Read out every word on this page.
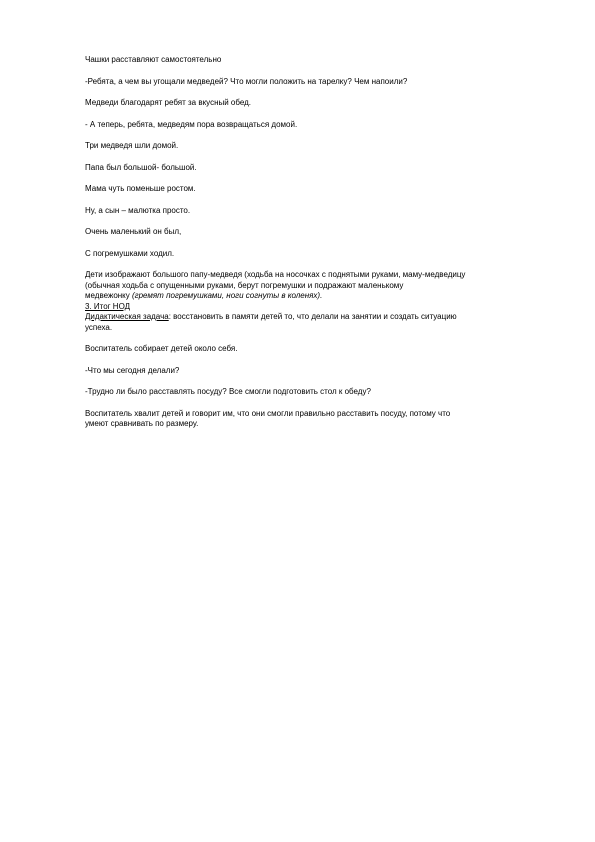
Чашки расставляют самостоятельно

-Ребята, а чем вы угощали медведей? Что могли положить на тарелку? Чем напоили?

Медведи благодарят ребят за вкусный обед.

- А теперь, ребята, медведям пора возвращаться домой.

Три медведя шли домой.

Папа был большой- большой.

Мама чуть поменьше ростом.

Ну, а сын – малютка просто.

Очень маленький он был,

С погремушками ходил.

Дети изображают большого папу-медведя (ходьба на носочках с поднятыми руками, маму-медведицу
(обычная ходьба с опущенными руками, берут погремушки и подражают маленькому
медвежонку (гремят погремушками, ноги согнуты в коленях).
3. Итог НОД
Дидактическая задача: восстановить в памяти детей то, что делали на занятии и создать ситуацию
успеха.

Воспитатель собирает детей около себя.

-Что мы сегодня делали?

-Трудно ли было расставлять посуду? Все смогли подготовить стол к обеду?

Воспитатель хвалит детей и говорит им, что они смогли правильно расставить посуду, потому что
умеют сравнивать по размеру.
